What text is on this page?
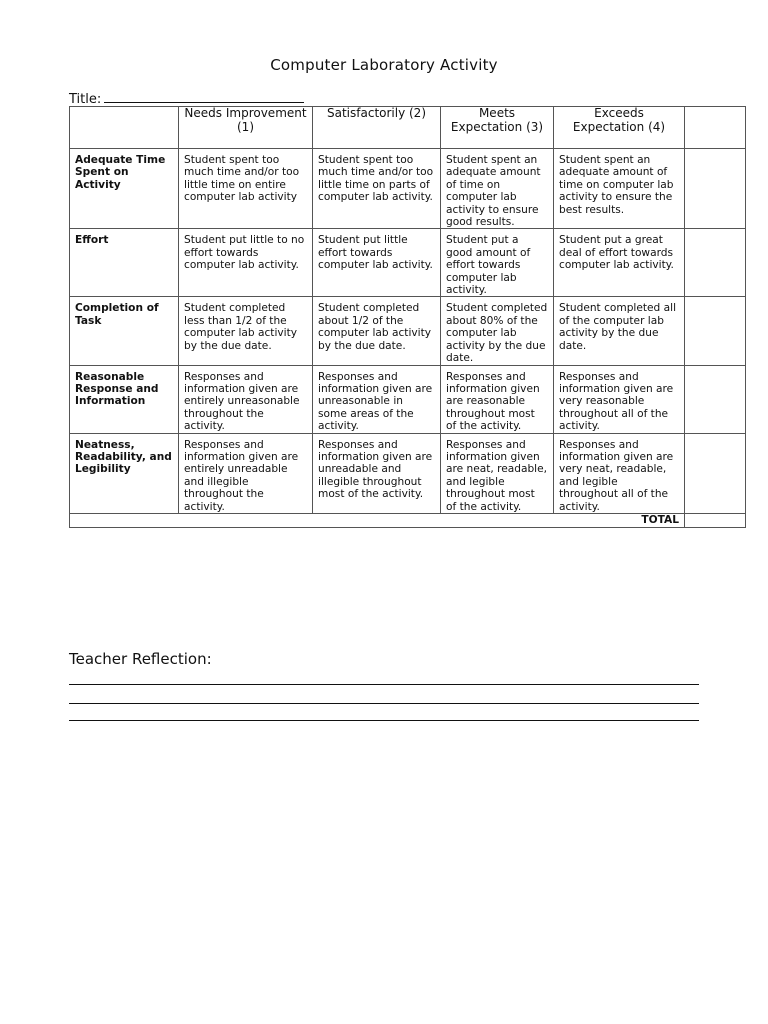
Computer Laboratory Activity
Title:
	Needs Improvement (1)	Satisfactorily (2)	Meets Expectation (3)	Exceeds Expectation (4)	
Adequate Time Spent on Activity	Student spent too much time and/or too little time on entire computer lab activity	Student spent too much time and/or too little time on parts of computer lab activity.	Student spent an adequate amount of time on computer lab activity to ensure good results.	Student spent an adequate amount of time on computer lab activity to ensure the best results.	
Effort	Student put little to no effort towards computer lab activity.	Student put little effort towards computer lab activity.	Student put a good amount of effort towards computer lab activity.	Student put a great deal of effort towards computer lab activity.	
Completion of Task	Student completed less than 1/2 of the computer lab activity by the due date.	Student completed about 1/2 of the computer lab activity by the due date.	Student completed about 80% of the computer lab activity by the due date.	Student completed all of the computer lab activity by the due date.	
Reasonable Response and Information	Responses and information given are entirely unreasonable throughout the activity.	Responses and information given are unreasonable in some areas of the activity.	Responses and information given are reasonable throughout most of the activity.	Responses and information given are very reasonable throughout all of the activity.	
Neatness, Readability, and Legibility	Responses and information given are entirely unreadable and illegible throughout the activity.	Responses and information given are unreadable and illegible throughout most of the activity.	Responses and information given are neat, readable, and legible throughout most of the activity.	Responses and information given are very neat, readable, and legible throughout all of the activity.	
TOTAL					
Teacher Reflection:
